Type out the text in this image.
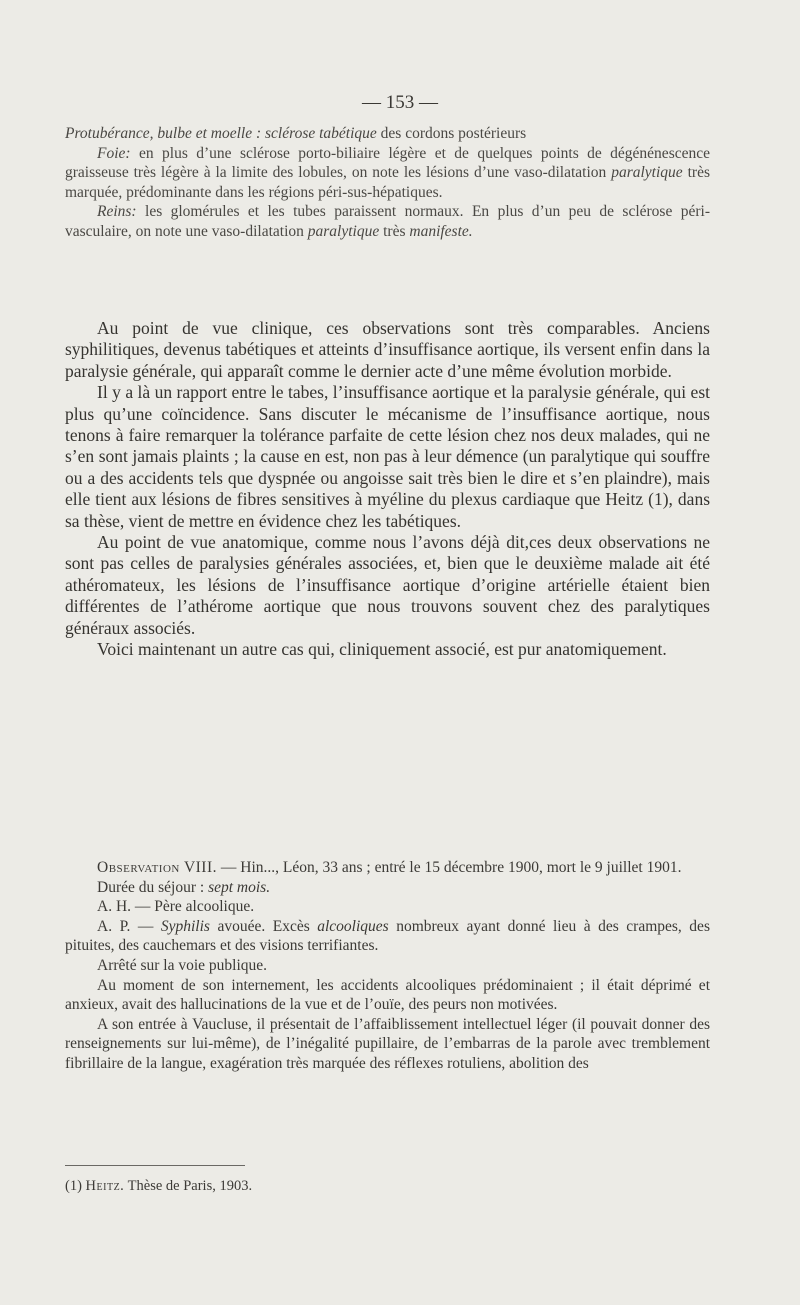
— 153 —

Protubérance, bulbe et moelle : sclérose tabétique des cordons postérieurs

Foie: en plus d’une sclérose porto-biliaire légère et de quelques points de dégénénescence graisseuse très légère à la limite des lobules, on note les lésions d’une vaso-dilatation paralytique très marquée, prédominante dans les régions péri-sus-hépatiques.

Reins: les glomérules et les tubes paraissent normaux. En plus d’un peu de sclérose péri-vasculaire, on note une vaso-dilatation paralytique très manifeste.

Au point de vue clinique, ces observations sont très comparables. Anciens syphilitiques, devenus tabétiques et atteints d’insuffisance aortique, ils versent enfin dans la paralysie générale, qui apparaît comme le dernier acte d’une même évolution morbide.

Il y a là un rapport entre le tabes, l’insuffisance aortique et la paralysie générale, qui est plus qu’une coïncidence. Sans discuter le mécanisme de l’insuffisance aortique, nous tenons à faire remarquer la tolérance parfaite de cette lésion chez nos deux malades, qui ne s’en sont jamais plaints ; la cause en est, non pas à leur démence (un paralytique qui souffre ou a des accidents tels que dyspnée ou angoisse sait très bien le dire et s’en plaindre), mais elle tient aux lésions de fibres sensitives à myéline du plexus cardiaque que Heitz (1), dans sa thèse, vient de mettre en évidence chez les tabétiques.

Au point de vue anatomique, comme nous l’avons déjà dit,ces deux observations ne sont pas celles de paralysies générales associées, et, bien que le deuxième malade ait été athéromateux, les lésions de l’insuffisance aortique d’origine artérielle étaient bien différentes de l’athérome aortique que nous trouvons souvent chez des paralytiques généraux associés.

Voici maintenant un autre cas qui, cliniquement associé, est pur anatomiquement.

Observation VIII. — Hin..., Léon, 33 ans ; entré le 15 décembre 1900, mort le 9 juillet 1901.

Durée du séjour : sept mois.

A. H. — Père alcoolique.

A. P. — Syphilis avouée. Excès alcooliques nombreux ayant donné lieu à des crampes, des pituites, des cauchemars et des visions terrifiantes.

Arrêté sur la voie publique.

Au moment de son internement, les accidents alcooliques prédominaient ; il était déprimé et anxieux, avait des hallucinations de la vue et de l’ouïe, des peurs non motivées.

A son entrée à Vaucluse, il présentait de l’affaiblissement intellectuel léger (il pouvait donner des renseignements sur lui-même), de l’inégalité pupillaire, de l’embarras de la parole avec tremblement fibrillaire de la langue, exagération très marquée des réflexes rotuliens, abolition des

(1) Heitz. Thèse de Paris, 1903.
